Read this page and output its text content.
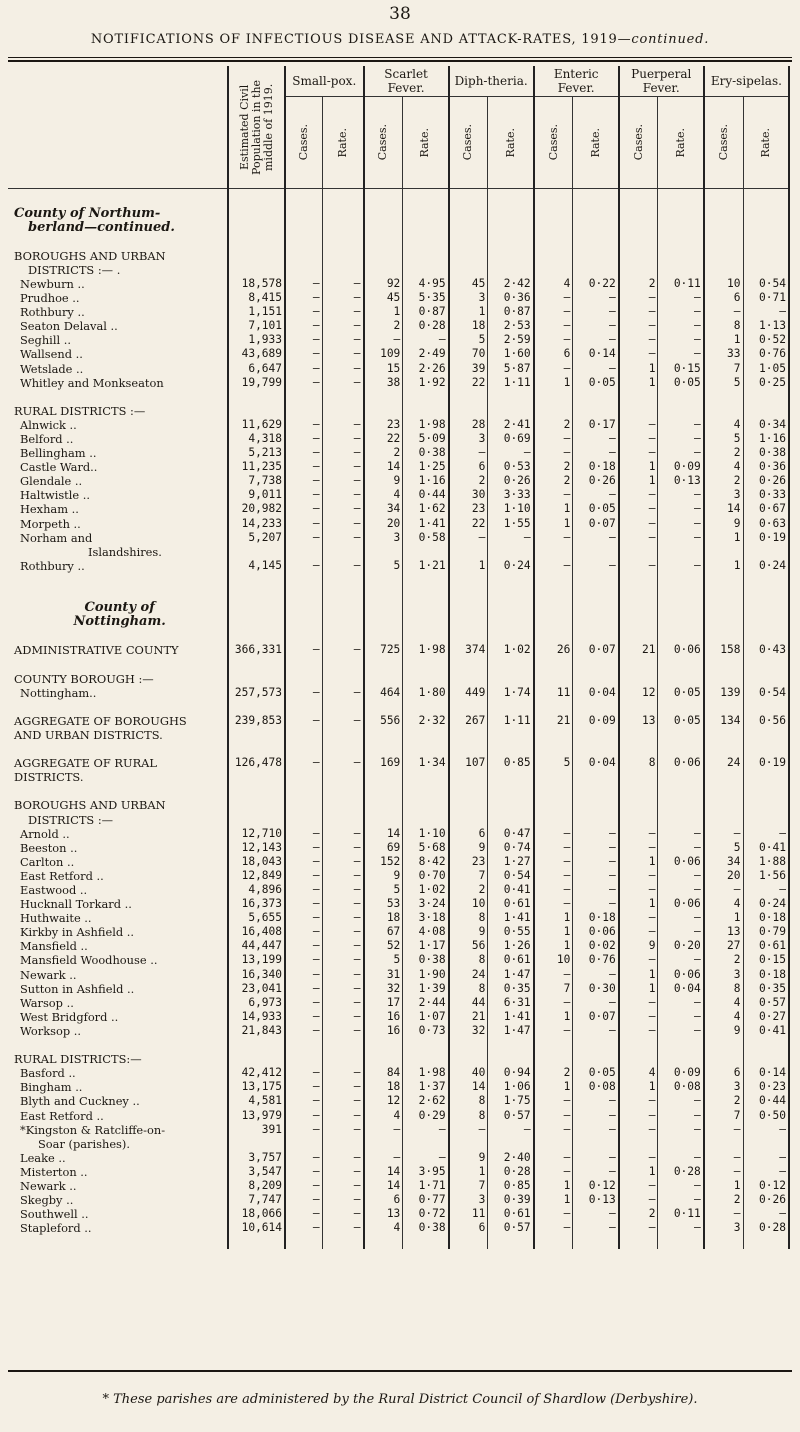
38
NOTIFICATIONS OF INFECTIOUS DISEASE AND ATTACK-RATES, 1919—continued.

	Estimated Civil Population in the middle of 1919.	Small-pox.		Scarlet Fever.		Diph-theria.		Enteric Fever.		Puerperal Fever.		Ery-sipelas.	

		Cases.	Rate.	Cases.	Rate.	Cases.	Rate.	Cases.	Rate.	Cases.	Rate.	Cases.	Rate.

County of Northum-													
berland—continued.													

BOROUGHS AND URBAN													
DISTRICTS :— .													
Newburn ..	18,578	–	–	92	4·95	45	2·42	4	0·22	2	0·11	10	0·54
Prudhoe ..	8,415	–	–	45	5·35	3	0·36	–	–	–	–	6	0·71
Rothbury ..	1,151	–	–	1	0·87	1	0·87	–	–	–	–	–	–
Seaton Delaval ..	7,101	–	–	2	0·28	18	2·53	–	–	–	–	8	1·13
Seghill ..	1,933	–	–	–	–	5	2·59	–	–	–	–	1	0·52
Wallsend ..	43,689	–	–	109	2·49	70	1·60	6	0·14	–	–	33	0·76
Wetslade ..	6,647	–	–	15	2·26	39	5·87	–	–	1	0·15	7	1·05
Whitley and Monkseaton	19,799	–	–	38	1·92	22	1·11	1	0·05	1	0·05	5	0·25

RURAL DISTRICTS :—													
Alnwick ..	11,629	–	–	23	1·98	28	2·41	2	0·17	–	–	4	0·34
Belford ..	4,318	–	–	22	5·09	3	0·69	–	–	–	–	5	1·16
Bellingham ..	5,213	–	–	2	0·38	–	–	–	–	–	–	2	0·38
Castle Ward..	11,235	–	–	14	1·25	6	0·53	2	0·18	1	0·09	4	0·36
Glendale ..	7,738	–	–	9	1·16	2	0·26	2	0·26	1	0·13	2	0·26
Haltwistle ..	9,011	–	–	4	0·44	30	3·33	–	–	–	–	3	0·33
Hexham ..	20,982	–	–	34	1·62	23	1·10	1	0·05	–	–	14	0·67
Morpeth ..	14,233	–	–	20	1·41	22	1·55	1	0·07	–	–	9	0·63
Norham and	5,207	–	–	3	0·58	–	–	–	–	–	–	1	0·19
Islandshires.													
Rothbury ..	4,145	–	–	5	1·21	1	0·24	–	–	–	–	1	0·24

County of													
Nottingham.													

ADMINISTRATIVE COUNTY	366,331	–	–	725	1·98	374	1·02	26	0·07	21	0·06	158	0·43

COUNTY BOROUGH :—													
Nottingham..	257,573	–	–	464	1·80	449	1·74	11	0·04	12	0·05	139	0·54

AGGREGATE OF BOROUGHS	239,853	–	–	556	2·32	267	1·11	21	0·09	13	0·05	134	0·56
AND URBAN DISTRICTS.													

AGGREGATE OF RURAL	126,478	–	–	169	1·34	107	0·85	5	0·04	8	0·06	24	0·19
DISTRICTS.													

BOROUGHS AND URBAN													
DISTRICTS :—													
Arnold ..	12,710	–	–	14	1·10	6	0·47	–	–	–	–	–	–
Beeston ..	12,143	–	–	69	5·68	9	0·74	–	–	–	–	5	0·41
Carlton ..	18,043	–	–	152	8·42	23	1·27	–	–	1	0·06	34	1·88
East Retford ..	12,849	–	–	9	0·70	7	0·54	–	–	–	–	20	1·56
Eastwood ..	4,896	–	–	5	1·02	2	0·41	–	–	–	–	–	–
Hucknall Torkard ..	16,373	–	–	53	3·24	10	0·61	–	–	1	0·06	4	0·24
Huthwaite ..	5,655	–	–	18	3·18	8	1·41	1	0·18	–	–	1	0·18
Kirkby in Ashfield ..	16,408	–	–	67	4·08	9	0·55	1	0·06	–	–	13	0·79
Mansfield ..	44,447	–	–	52	1·17	56	1·26	1	0·02	9	0·20	27	0·61
Mansfield Woodhouse ..	13,199	–	–	5	0·38	8	0·61	10	0·76	–	–	2	0·15
Newark ..	16,340	–	–	31	1·90	24	1·47	–	–	1	0·06	3	0·18
Sutton in Ashfield ..	23,041	–	–	32	1·39	8	0·35	7	0·30	1	0·04	8	0·35
Warsop ..	6,973	–	–	17	2·44	44	6·31	–	–	–	–	4	0·57
West Bridgford ..	14,933	–	–	16	1·07	21	1·41	1	0·07	–	–	4	0·27
Worksop ..	21,843	–	–	16	0·73	32	1·47	–	–	–	–	9	0·41

RURAL DISTRICTS:—													
Basford ..	42,412	–	–	84	1·98	40	0·94	2	0·05	4	0·09	6	0·14
Bingham ..	13,175	–	–	18	1·37	14	1·06	1	0·08	1	0·08	3	0·23
Blyth and Cuckney ..	4,581	–	–	12	2·62	8	1·75	–	–	–	–	2	0·44
East Retford ..	13,979	–	–	4	0·29	8	0·57	–	–	–	–	7	0·50
*Kingston & Ratcliffe-on-	391	–	–	–	–	–	–	–	–	–	–	–	–
Soar (parishes).													
Leake ..	3,757	–	–	–	–	9	2·40	–	–	–	–	–	–
Misterton ..	3,547	–	–	14	3·95	1	0·28	–	–	1	0·28	–	–
Newark ..	8,209	–	–	14	1·71	7	0·85	1	0·12	–	–	1	0·12
Skegby ..	7,747	–	–	6	0·77	3	0·39	1	0·13	–	–	2	0·26
Southwell ..	18,066	–	–	13	0·72	11	0·61	–	–	2	0·11	–	–
Stapleford ..	10,614	–	–	4	0·38	6	0·57	–	–	–	–	3	0·28

* These parishes are administered by the Rural District Council of Shardlow (Derbyshire).
